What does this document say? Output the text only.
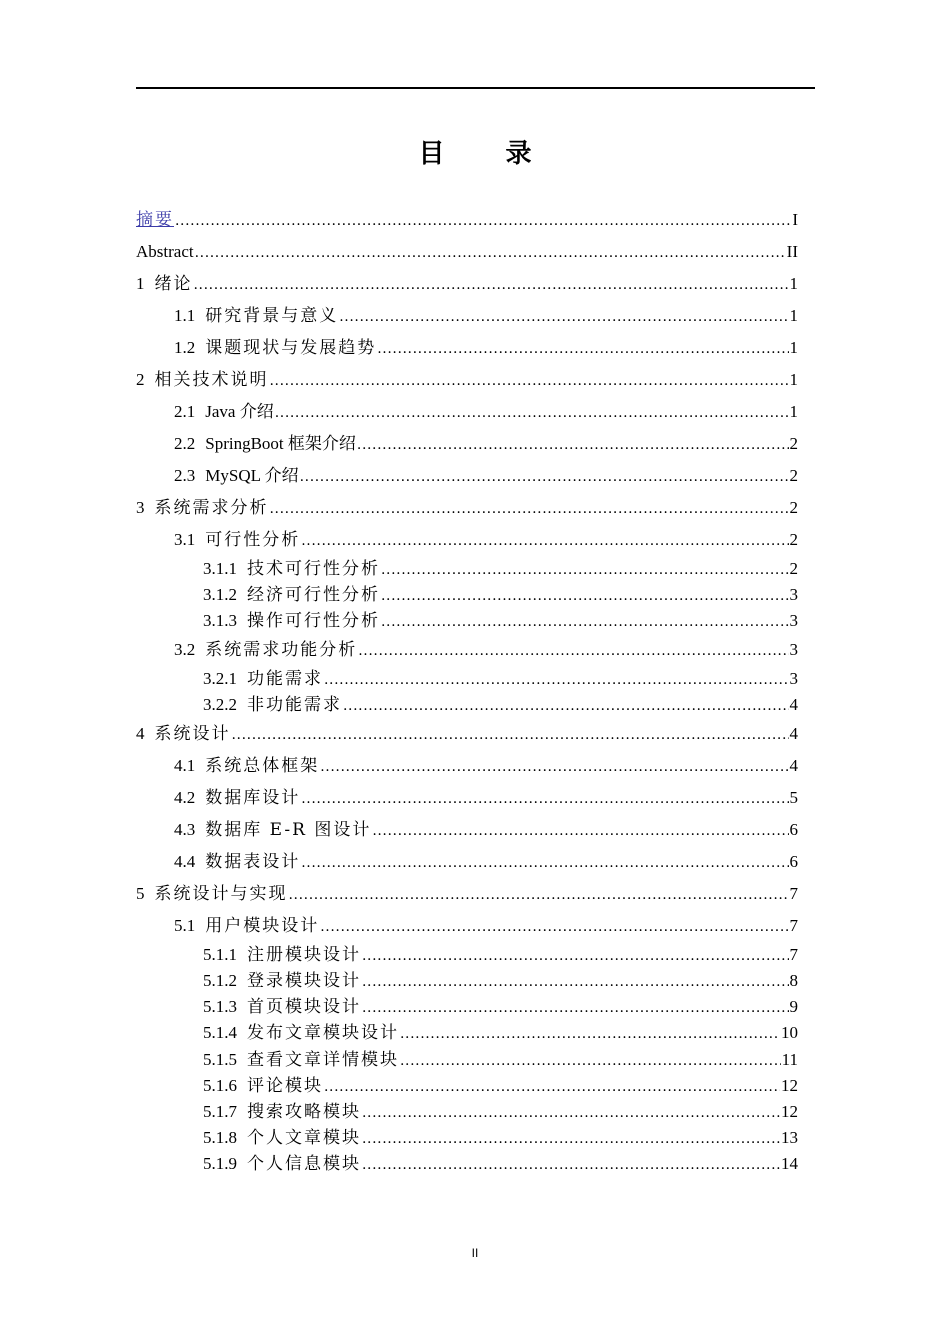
目 录
摘要 .....	I
Abstract .....	II
1 绪论 .....	1
1.1 研究背景与意义 .....	1
1.2 课题现状与发展趋势 .....	1
2 相关技术说明 .....	1
2.1 Java 介绍 .....	1
2.2 SpringBoot 框架介绍 .....	2
2.3 MySQL 介绍 .....	2
3 系统需求分析 .....	2
3.1 可行性分析 .....	2
3.1.1 技术可行性分析 .....	2
3.1.2 经济可行性分析 .....	3
3.1.3 操作可行性分析 .....	3
3.2 系统需求功能分析 .....	3
3.2.1 功能需求 .....	3
3.2.2 非功能需求 .....	4
4 系统设计 .....	4
4.1 系统总体框架 .....	4
4.2 数据库设计 .....	5
4.3 数据库 E-R 图设计 .....	6
4.4 数据表设计 .....	6
5 系统设计与实现 .....	7
5.1 用户模块设计 .....	7
5.1.1 注册模块设计 .....	7
5.1.2 登录模块设计 .....	8
5.1.3 首页模块设计 .....	9
5.1.4 发布文章模块设计 .....	10
5.1.5 查看文章详情模块 .....	11
5.1.6 评论模块 .....	12
5.1.7 搜索攻略模块 .....	12
5.1.8 个人文章模块 .....	13
5.1.9 个人信息模块 .....	14
II
